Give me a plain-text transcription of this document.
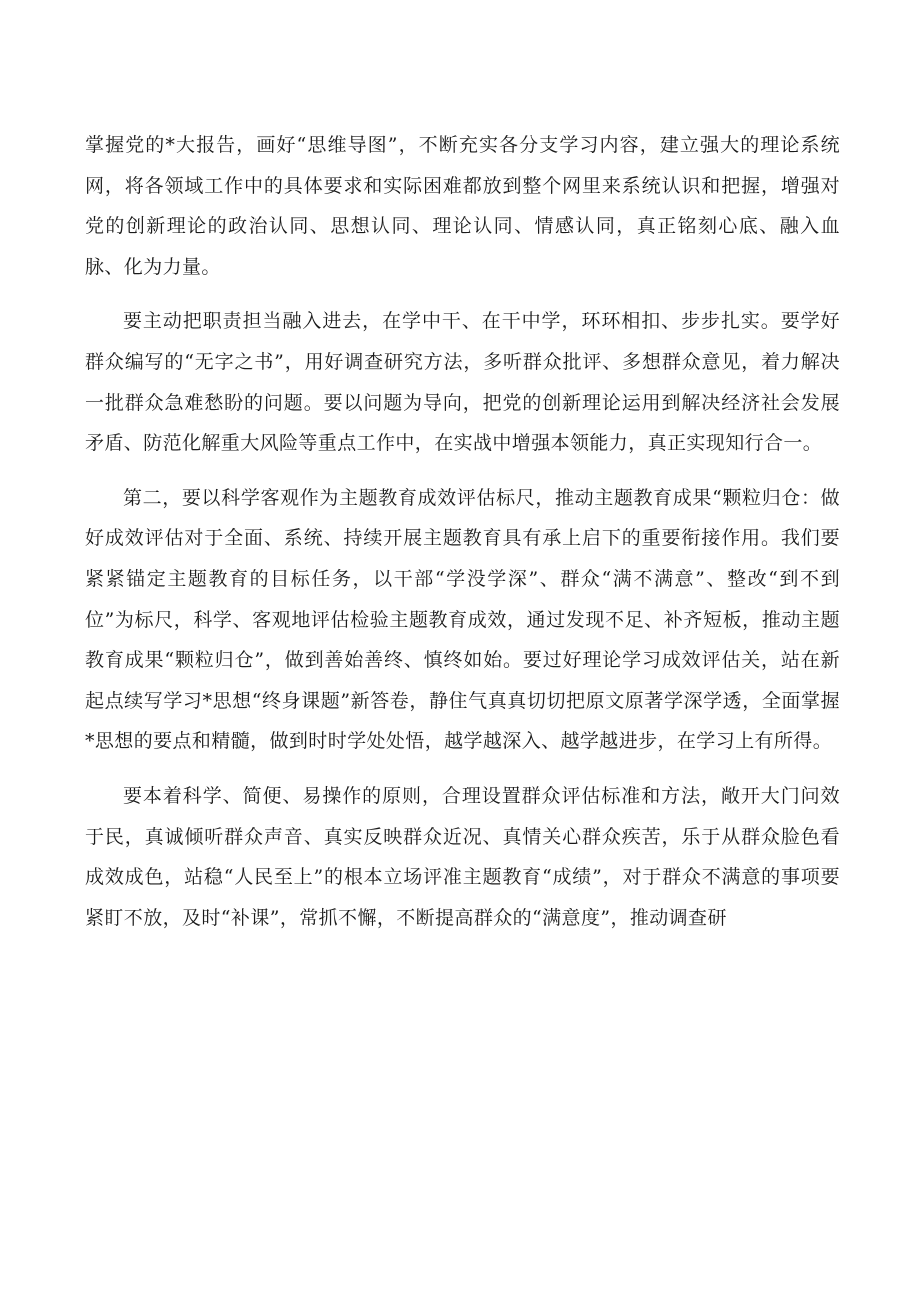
掌握党的*大报告，画好“思维导图”，不断充实各分支学习内容，建立强大的理论系统网，将各领域工作中的具体要求和实际困难都放到整个网里来系统认识和把握，增强对党的创新理论的政治认同、思想认同、理论认同、情感认同，真正铭刻心底、融入血脉、化为力量。

要主动把职责担当融入进去，在学中干、在干中学，环环相扣、步步扎实。要学好群众编写的“无字之书”，用好调查研究方法，多听群众批评、多想群众意见，着力解决一批群众急难愁盼的问题。要以问题为导向，把党的创新理论运用到解决经济社会发展矛盾、防范化解重大风险等重点工作中，在实战中增强本领能力，真正实现知行合一。

第二，要以科学客观作为主题教育成效评估标尺，推动主题教育成果“颗粒归仓：做好成效评估对于全面、系统、持续开展主题教育具有承上启下的重要衔接作用。我们要紧紧锚定主题教育的目标任务，以干部“学没学深”、群众“满不满意”、整改“到不到位”为标尺，科学、客观地评估检验主题教育成效，通过发现不足、补齐短板，推动主题教育成果“颗粒归仓”，做到善始善终、慎终如始。要过好理论学习成效评估关，站在新起点续写学习*思想“终身课题”新答卷，静住气真真切切把原文原著学深学透，全面掌握*思想的要点和精髓，做到时时学处处悟，越学越深入、越学越进步，在学习上有所得。

要本着科学、简便、易操作的原则，合理设置群众评估标准和方法，敞开大门问效于民，真诚倾听群众声音、真实反映群众近况、真情关心群众疾苦，乐于从群众脸色看成效成色，站稳“人民至上”的根本立场评准主题教育“成绩”，对于群众不满意的事项要紧盯不放，及时“补课”，常抓不懈，不断提高群众的“满意度”，推动调查研
